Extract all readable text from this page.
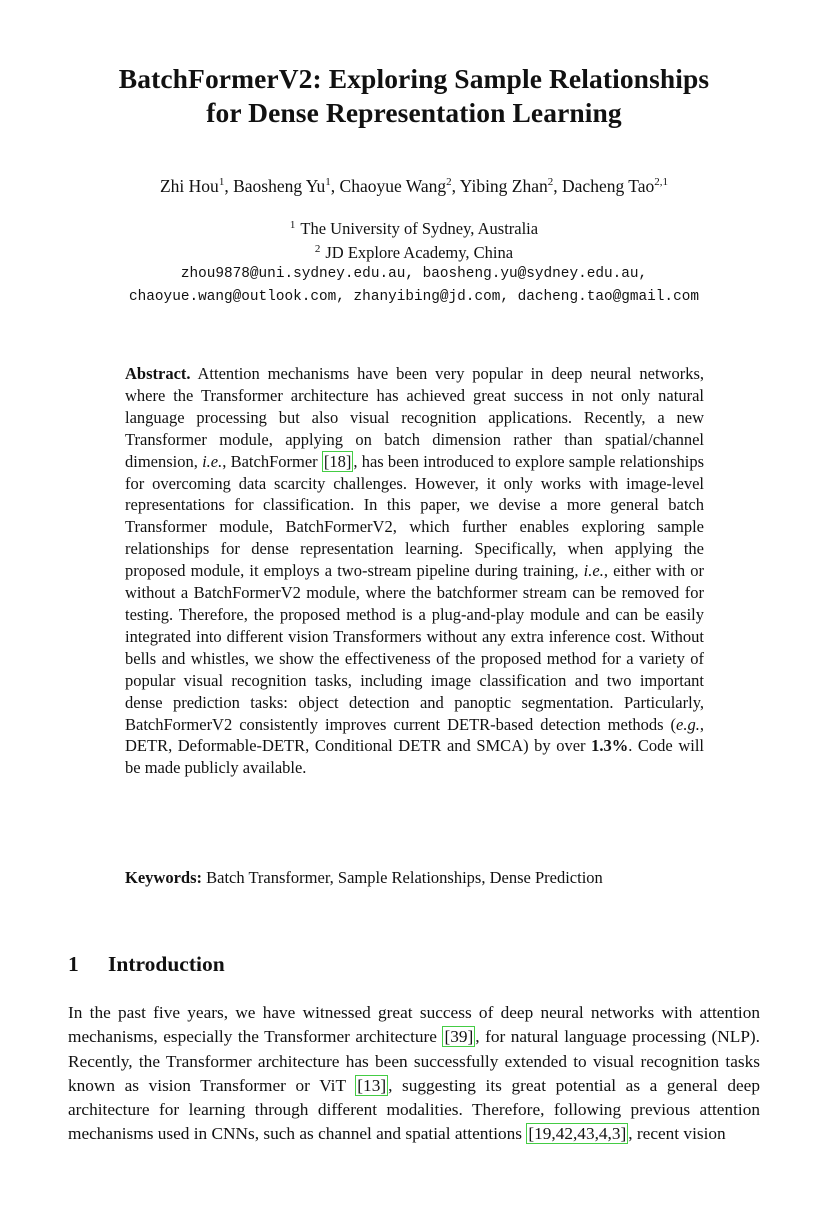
BatchFormerV2: Exploring Sample Relationships
for Dense Representation Learning
Zhi Hou$^1$, Baosheng Yu$^1$, Chaoyue Wang$^2$, Yibing Zhan$^2$, Dacheng Tao$^{2,1}$
$^1$ The University of Sydney, Australia
$^2$ JD Explore Academy, China
zhou9878@uni.sydney.edu.au, baosheng.yu@sydney.edu.au,
chaoyue.wang@outlook.com, zhanyibing@jd.com, dacheng.tao@gmail.com
Abstract. Attention mechanisms have been very popular in deep neural networks, where the Transformer architecture has achieved great success in not only natural language processing but also visual recognition applications. Recently, a new Transformer module, applying on batch dimension rather than spatial/channel dimension, i.e., BatchFormer [18] , has been introduced to explore sample relationships for overcoming data scarcity challenges. However, it only works with image-level representations for classification. In this paper, we devise a more general batch Transformer module, BatchFormerV2, which further enables exploring sample relationships for dense representation learning. Specifically, when applying the proposed module, it employs a two-stream pipeline during training, i.e., either with or without a BatchFormerV2 module, where the batchformer stream can be removed for testing. Therefore, the proposed method is a plug-and-play module and can be easily integrated into different vision Transformers without any extra inference cost. Without bells and whistles, we show the effectiveness of the proposed method for a variety of popular visual recognition tasks, including image classification and two important dense prediction tasks: object detection and panoptic segmentation. Particularly, BatchFormerV2 consistently improves current DETR-based detection methods (e.g., DETR, Deformable-DETR, Conditional DETR and SMCA) by over 1.3%. Code will be made publicly available.
Keywords: Batch Transformer, Sample Relationships, Dense Prediction
1 Introduction
In the past five years, we have witnessed great success of deep neural networks with attention mechanisms, especially the Transformer architecture [39] , for natural language processing (NLP). Recently, the Transformer architecture has been successfully extended to visual recognition tasks known as vision Transformer or ViT [13] , suggesting its great potential as a general deep architecture for learning through different modalities. Therefore, following previous attention mechanisms used in CNNs, such as channel and spatial attentions [19,42,43,4,3] , recent vision
